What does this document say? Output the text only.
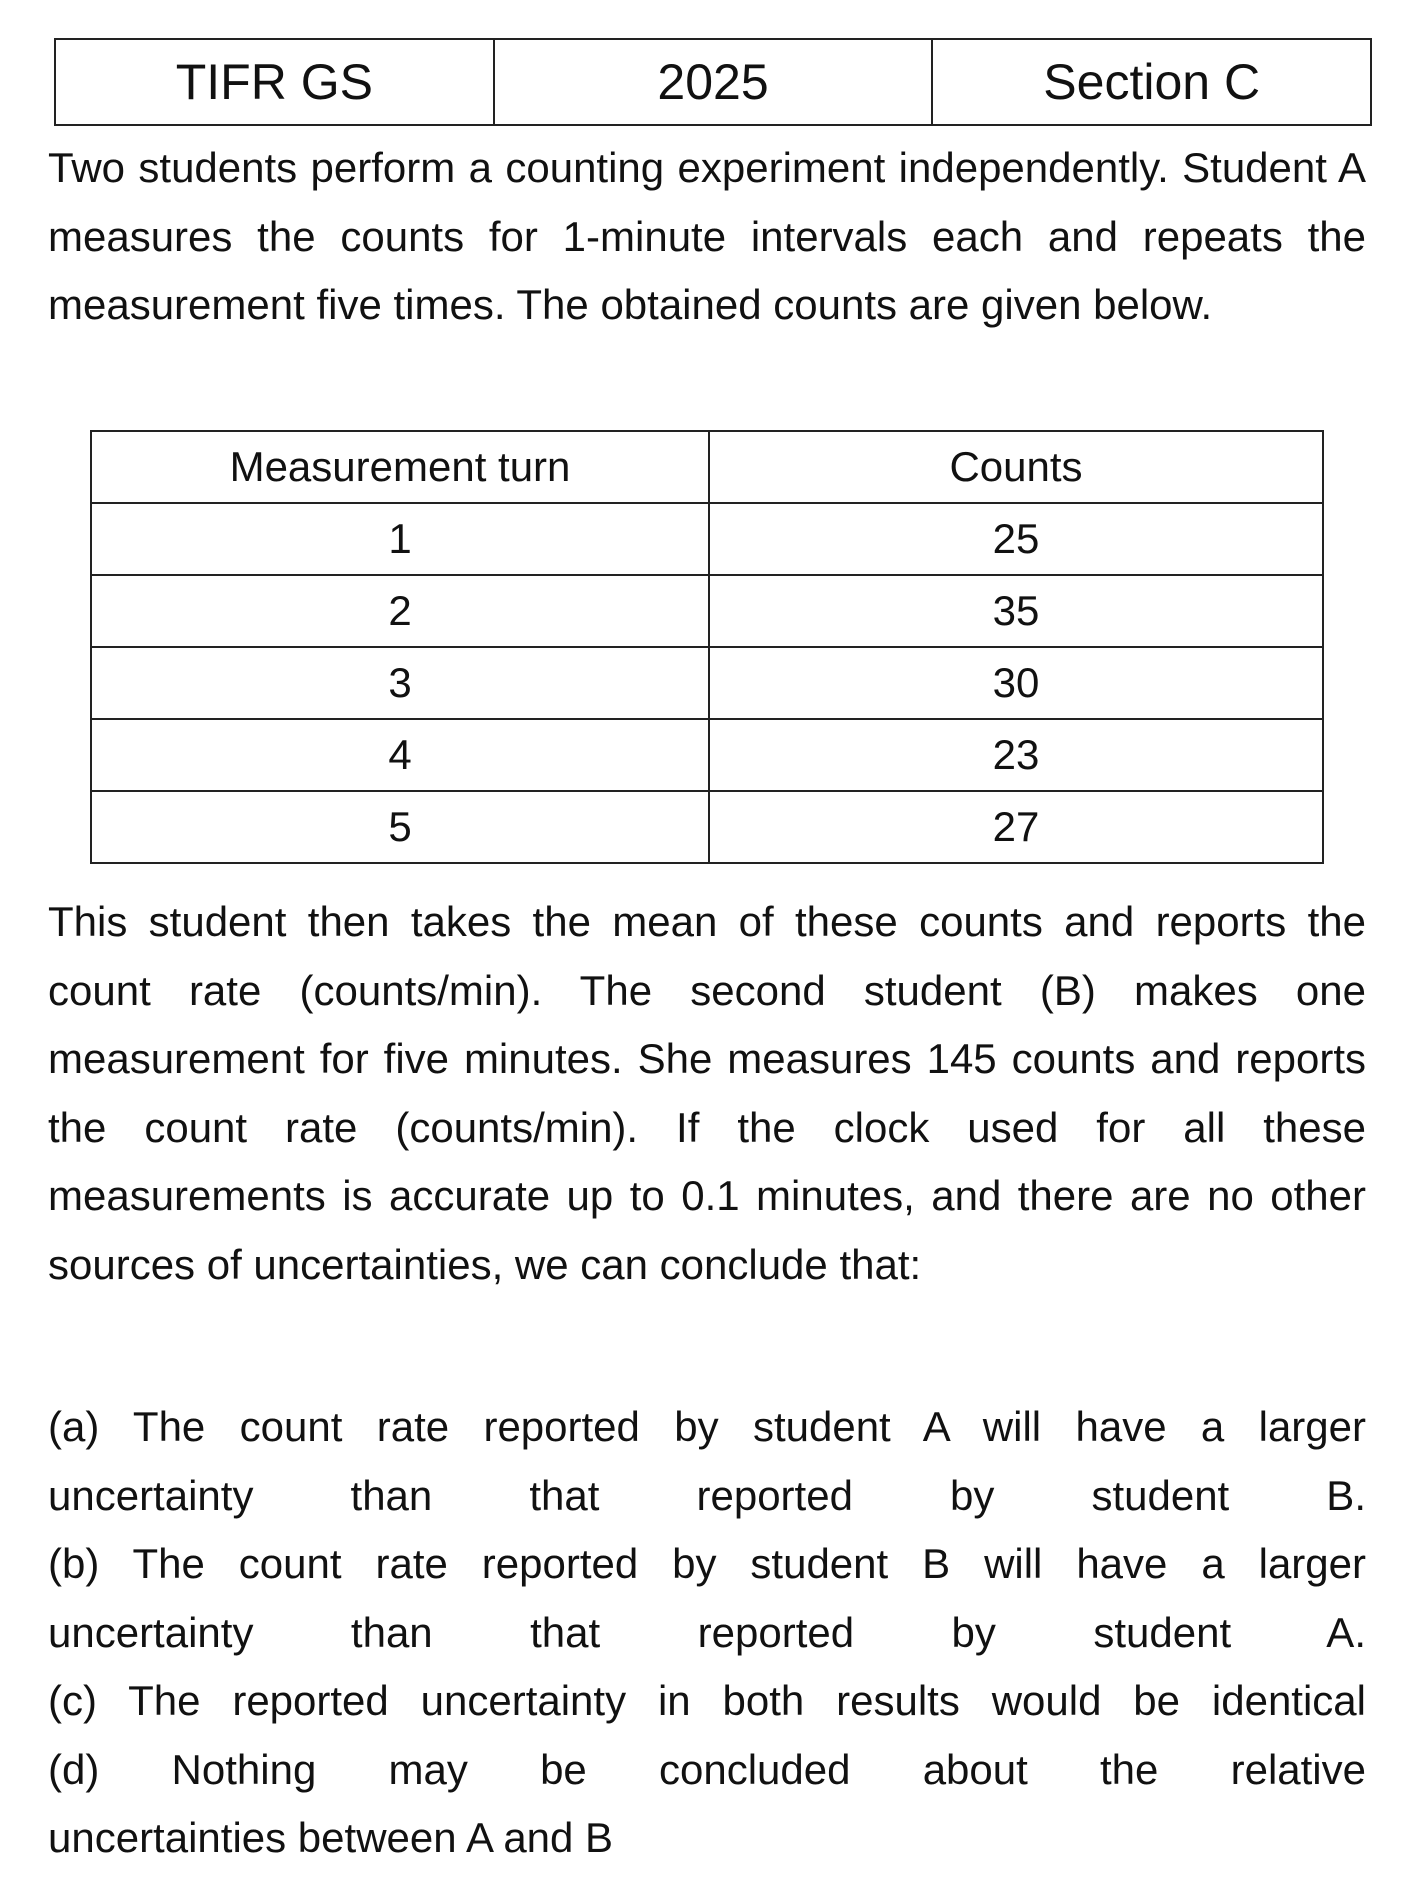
TIFR GS	2025	Section C

Two students perform a counting experiment independently. Student A measures the counts for 1-minute intervals each and repeats the measurement five times. The obtained counts are given below.

Measurement turn	Counts
1	25
2	35
3	30
4	23
5	27

This student then takes the mean of these counts and reports the count rate (counts/min). The second student (B) makes one measurement for five minutes. She measures 145 counts and reports the count rate (counts/min). If the clock used for all these measurements is accurate up to 0.1 minutes, and there are no other sources of uncertainties, we can conclude that:

(a) The count rate reported by student A will have a larger

uncertainty than that reported by student B.

(b) The count rate reported by student B will have a larger

uncertainty than that reported by student A.

(c) The reported uncertainty in both results would be identical

(d) Nothing may be concluded about the relative

uncertainties between A and B
